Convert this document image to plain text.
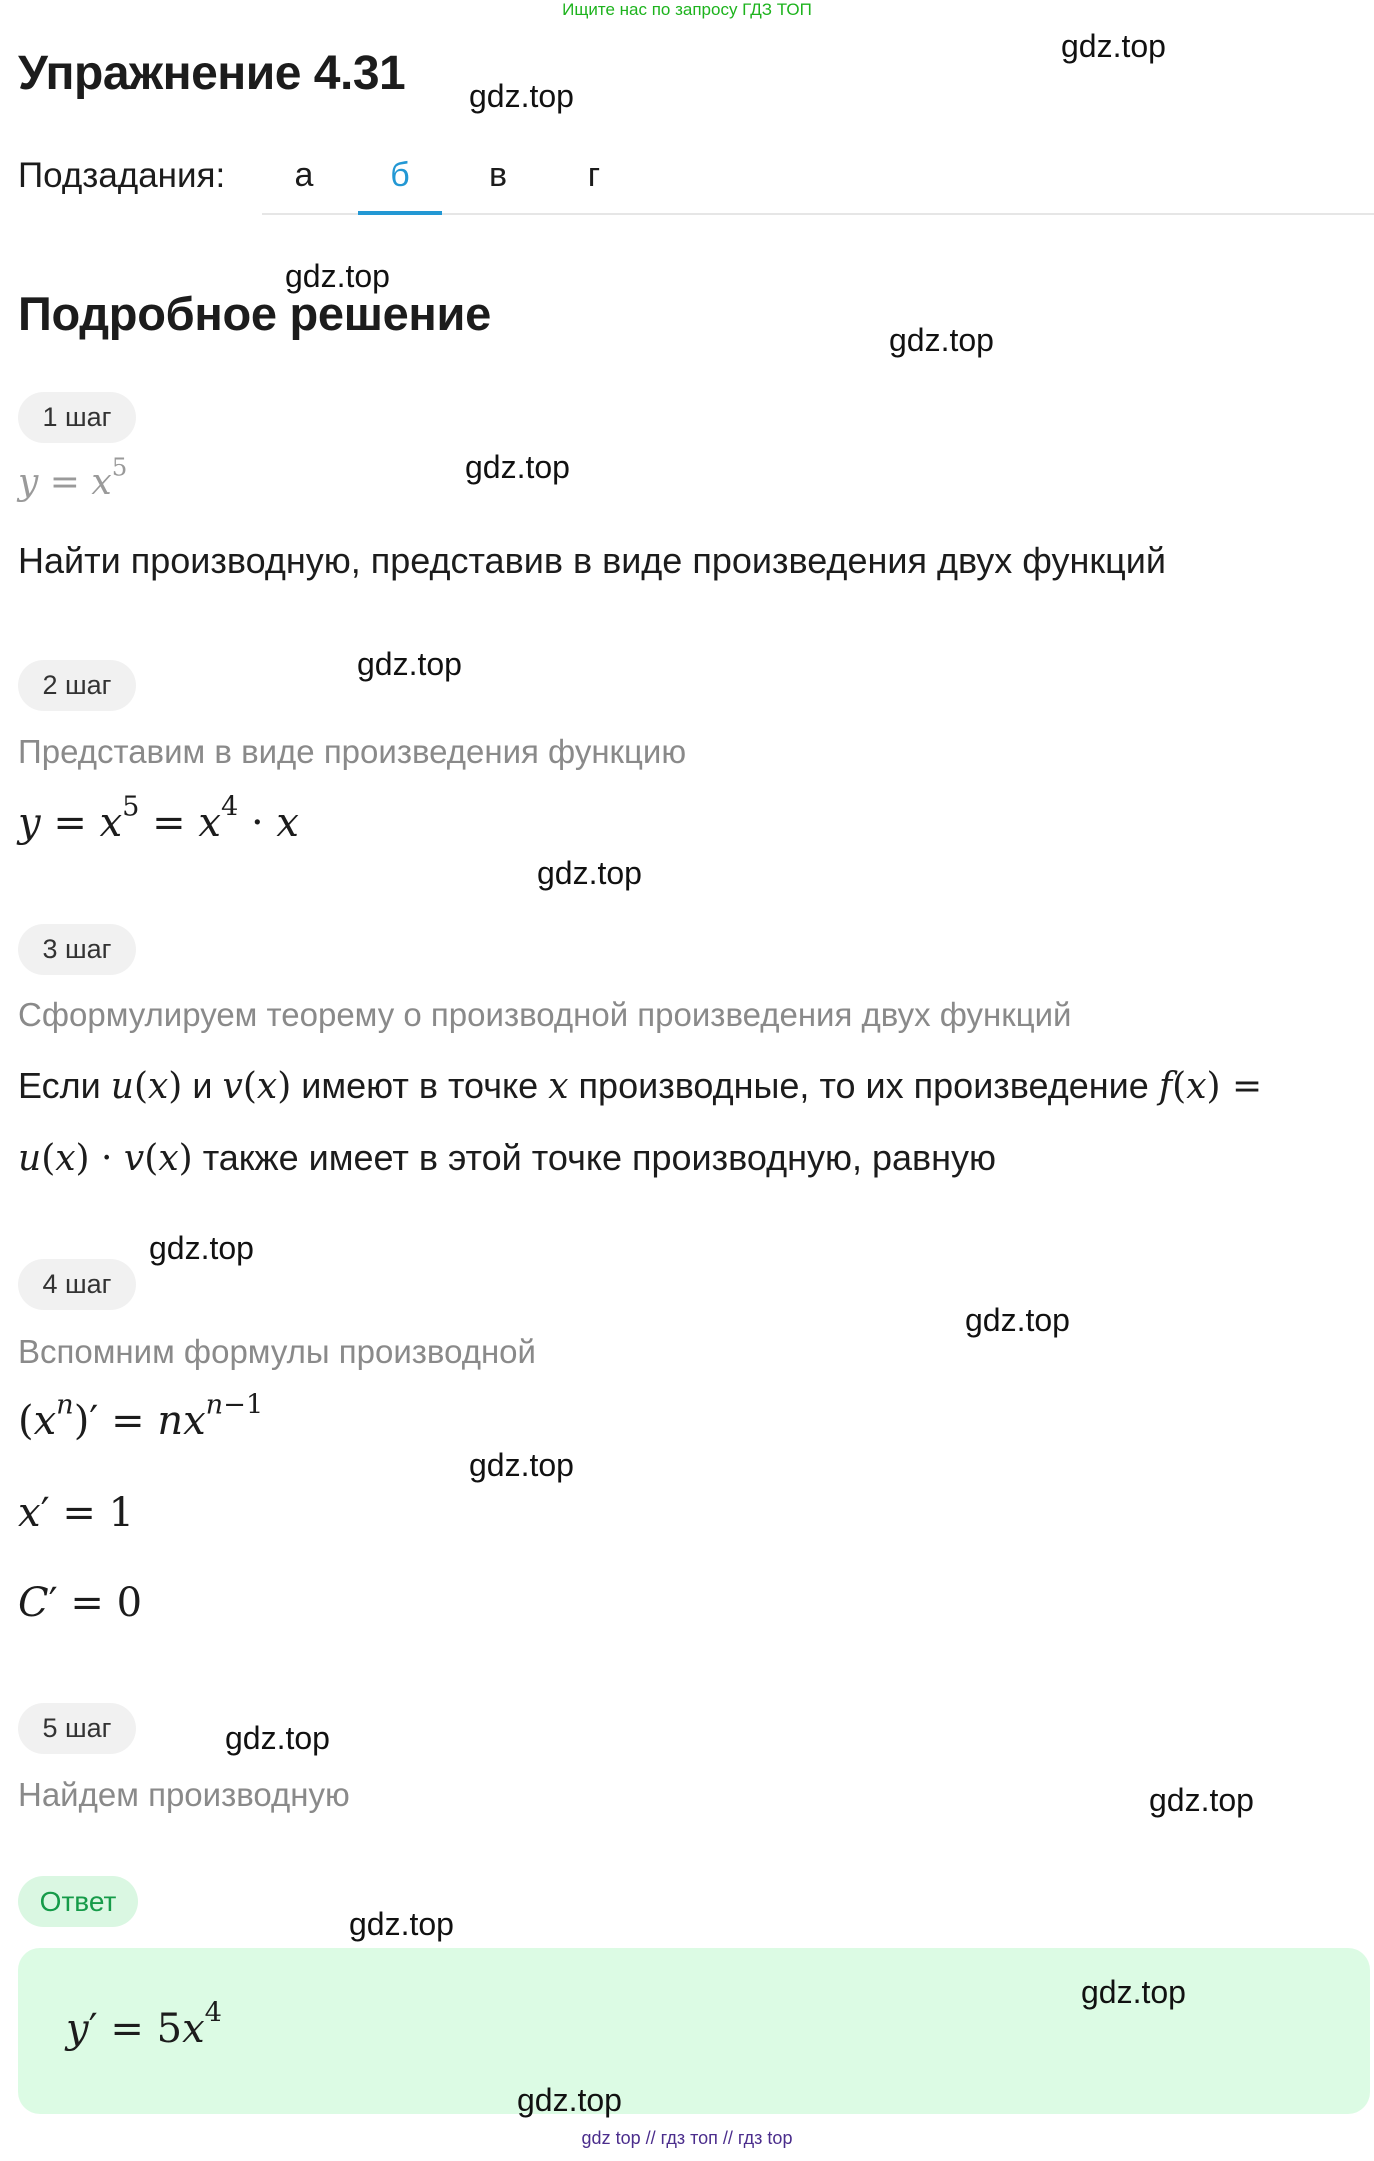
Ищите нас по запросу ГДЗ ТОП
Упражнение 4.31
Подзадания:	а	б	в	г
Подробное решение
1 шаг
$y = x^5$
Найти производную, представив в виде произведения двух функций
2 шаг
Представим в виде произведения функцию
$y = x^5 = x^4 \cdot x$
3 шаг
Сформулируем теорему о производной произведения двух функций
Если u(x) и v(x) имеют в точке x производные, то их произведение f(x) =
u(x) · v(x) также имеет в этой точке производную, равную
4 шаг
Вспомним формулы производной
$(x^n)' = nx^{n-1}$
x′ = 1
C′ = 0
5 шаг
Найдем производную
Ответ
$y' = 5x^4$
gdz.top
gdz.top
gdz.top
gdz.top
gdz.top
gdz.top
gdz.top
gdz.top
gdz.top
gdz.top
gdz.top
gdz.top
gdz.top
gdz.top
gdz.top
gdz top // гдз топ // гдз top
